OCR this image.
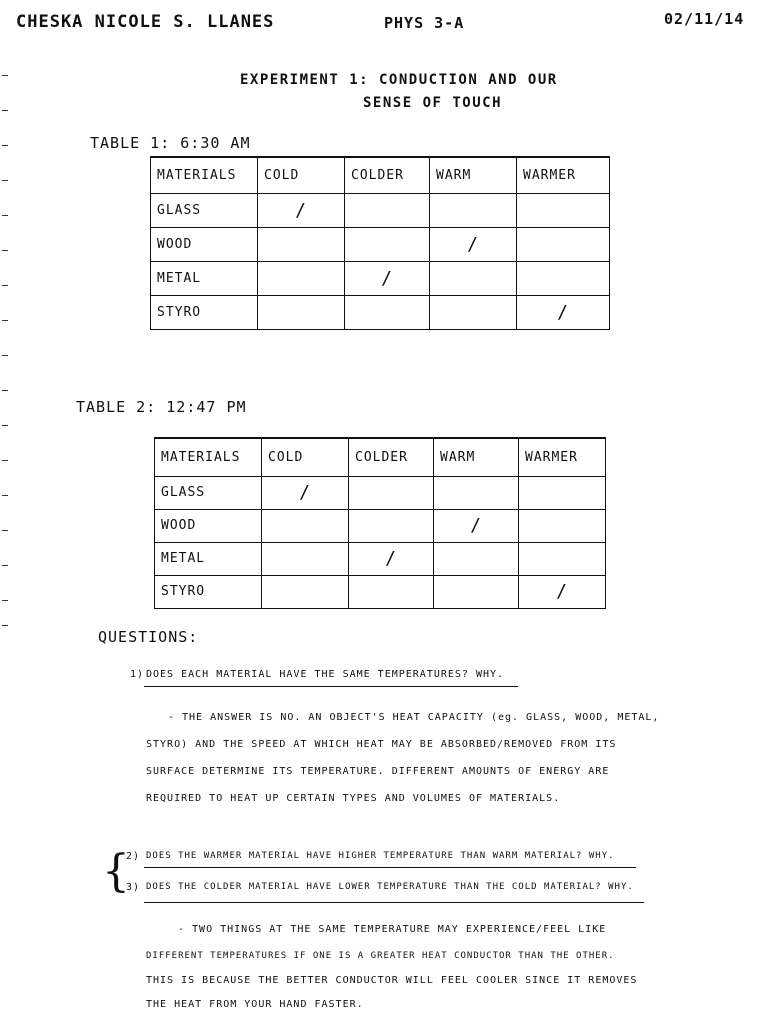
CHESKA NICOLE S. LLANES	PHYS 3-A	02/11/14
EXPERIMENT 1: CONDUCTION AND OUR
SENSE OF TOUCH
TABLE 1: 6:30 AM
MATERIALS	COLD	COLDER	WARM	WARMER
GLASS	/			
WOOD			/	
METAL		/		
STYRO				/
TABLE 2: 12:47 PM
MATERIALS	COLD	COLDER	WARM	WARMER
GLASS	/			
WOOD			/	
METAL		/		
STYRO				/
QUESTIONS:
1) DOES EACH MATERIAL HAVE THE SAME TEMPERATURES? WHY.
- THE ANSWER IS NO. AN OBJECT'S HEAT CAPACITY (eg. GLASS, WOOD, METAL,
STYRO) AND THE SPEED AT WHICH HEAT MAY BE ABSORBED/REMOVED FROM ITS
SURFACE DETERMINE ITS TEMPERATURE. DIFFERENT AMOUNTS OF ENERGY ARE
REQUIRED TO HEAT UP CERTAIN TYPES AND VOLUMES OF MATERIALS.
{
2) DOES THE WARMER MATERIAL HAVE HIGHER TEMPERATURE THAN WARM MATERIAL? WHY.
3) DOES THE COLDER MATERIAL HAVE LOWER TEMPERATURE THAN THE COLD MATERIAL? WHY.
- TWO THINGS AT THE SAME TEMPERATURE MAY EXPERIENCE/FEEL LIKE
DIFFERENT TEMPERATURES IF ONE IS A GREATER HEAT CONDUCTOR THAN THE OTHER.
THIS IS BECAUSE THE BETTER CONDUCTOR WILL FEEL COOLER SINCE IT REMOVES
THE HEAT FROM YOUR HAND FASTER.
